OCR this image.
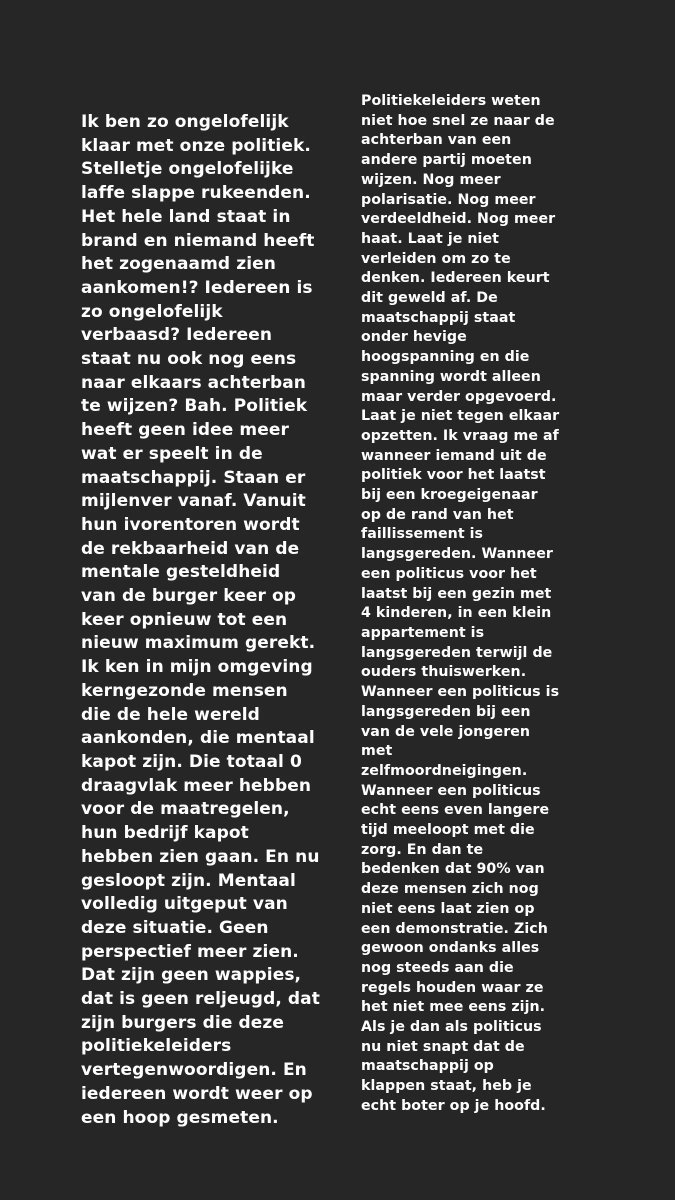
Ik ben zo ongelofelijk
klaar met onze politiek.
Stelletje ongelofelijke
laffe slappe rukeenden.
Het hele land staat in
brand en niemand heeft
het zogenaamd zien
aankomen!? Iedereen is
zo ongelofelijk
verbaasd? Iedereen
staat nu ook nog eens
naar elkaars achterban
te wijzen? Bah. Politiek
heeft geen idee meer
wat er speelt in de
maatschappij. Staan er
mijlenver vanaf. Vanuit
hun ivorentoren wordt
de rekbaarheid van de
mentale gesteldheid
van de burger keer op
keer opnieuw tot een
nieuw maximum gerekt.
Ik ken in mijn omgeving
kerngezonde mensen
die de hele wereld
aankonden, die mentaal
kapot zijn. Die totaal 0
draagvlak meer hebben
voor de maatregelen,
hun bedrijf kapot
hebben zien gaan. En nu
gesloopt zijn. Mentaal
volledig uitgeput van
deze situatie. Geen
perspectief meer zien.
Dat zijn geen wappies,
dat is geen reljeugd, dat
zijn burgers die deze
politiekeleiders
vertegenwoordigen. En
iedereen wordt weer op
een hoop gesmeten.
Politiekeleiders weten
niet hoe snel ze naar de
achterban van een
andere partij moeten
wijzen. Nog meer
polarisatie. Nog meer
verdeeldheid. Nog meer
haat. Laat je niet
verleiden om zo te
denken. Iedereen keurt
dit geweld af. De
maatschappij staat
onder hevige
hoogspanning en die
spanning wordt alleen
maar verder opgevoerd.
Laat je niet tegen elkaar
opzetten. Ik vraag me af
wanneer iemand uit de
politiek voor het laatst
bij een kroegeigenaar
op de rand van het
faillissement is
langsgereden. Wanneer
een politicus voor het
laatst bij een gezin met
4 kinderen, in een klein
appartement is
langsgereden terwijl de
ouders thuiswerken.
Wanneer een politicus is
langsgereden bij een
van de vele jongeren
met
zelfmoordneigingen.
Wanneer een politicus
echt eens even langere
tijd meeloopt met die
zorg. En dan te
bedenken dat 90% van
deze mensen zich nog
niet eens laat zien op
een demonstratie. Zich
gewoon ondanks alles
nog steeds aan die
regels houden waar ze
het niet mee eens zijn.
Als je dan als politicus
nu niet snapt dat de
maatschappij op
klappen staat, heb je
echt boter op je hoofd.
